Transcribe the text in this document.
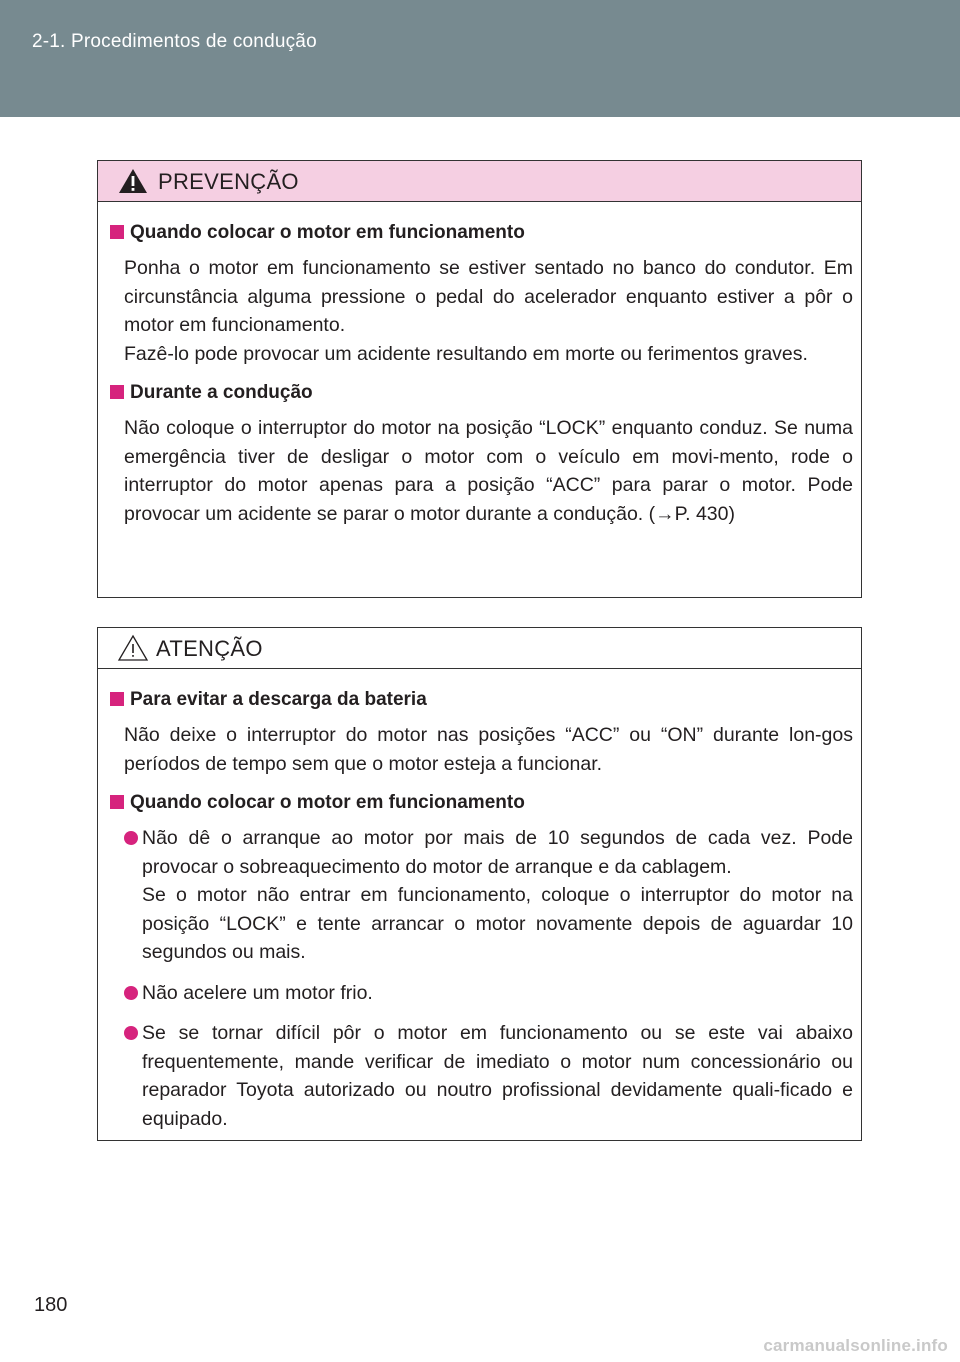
2-1. Procedimentos de condução
PREVENÇÃO
Quando colocar o motor em funcionamento

Ponha o motor em funcionamento se estiver sentado no banco do condutor. Em circunstância alguma pressione o pedal do acelerador enquanto estiver a pôr o motor em funcionamento.

Fazê-lo pode provocar um acidente resultando em morte ou ferimentos graves.

Durante a condução

Não coloque o interruptor do motor na posição “LOCK” enquanto conduz. Se numa emergência tiver de desligar o motor com o veículo em movi-mento, rode o interruptor do motor apenas para a posição “ACC” para parar o motor. Pode provocar um acidente se parar o motor durante a condução. (→P. 430)

ATENÇÃO
Para evitar a descarga da bateria

Não deixe o interruptor do motor nas posições “ACC” ou “ON” durante lon-gos períodos de tempo sem que o motor esteja a funcionar.

Quando colocar o motor em funcionamento
Não dê o arranque ao motor por mais de 10 segundos de cada vez. Pode provocar o sobreaquecimento do motor de arranque e da cablagem.
Se o motor não entrar em funcionamento, coloque o interruptor do motor na posição “LOCK” e tente arrancar o motor novamente depois de aguardar 10 segundos ou mais.
Não acelere um motor frio.
Se se tornar difícil pôr o motor em funcionamento ou se este vai abaixo frequentemente, mande verificar de imediato o motor num concessionário ou reparador Toyota autorizado ou noutro profissional devidamente quali-ficado e equipado.
180
carmanualsonline.info
